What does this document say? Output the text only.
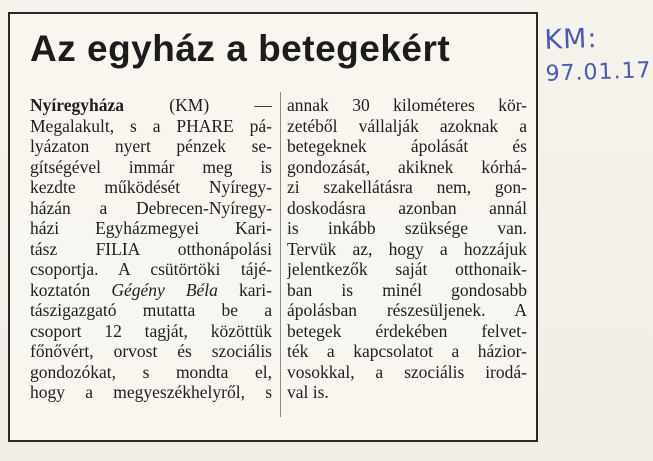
Az egyház a betegekért
Nyíregyháza (KM) —
Megalakult, s a PHARE pá-
lyázaton nyert pénzek se-
gítségével immár meg is
kezdte működését Nyíregy-
házán a Debrecen-Nyíregy-
házi Egyházmegyei Kari-
tász FILIA otthonápolási
csoportja. A csütörtöki tájé-
koztatón Gégény Béla kari-
tászigazgató mutatta be a
csoport 12 tagját, közöttük
főnővért, orvost és szociális
gondozókat, s mondta el,
hogy a megyeszékhelyről, s
annak 30 kilométeres kör-
zetéből vállalják azoknak a
betegeknek ápolását és
gondozását, akiknek kórhá-
zi szakellátásra nem, gon-
doskodásra azonban annál
is inkább szüksége van.
Tervük az, hogy a hozzájuk
jelentkezők saját otthonaik-
ban is minél gondosabb
ápolásban részesüljenek. A
betegek érdekében felvet-
ték a kapcsolatot a házior-
vosokkal, a szociális irodá-
val is.
KM:
97.01.17
